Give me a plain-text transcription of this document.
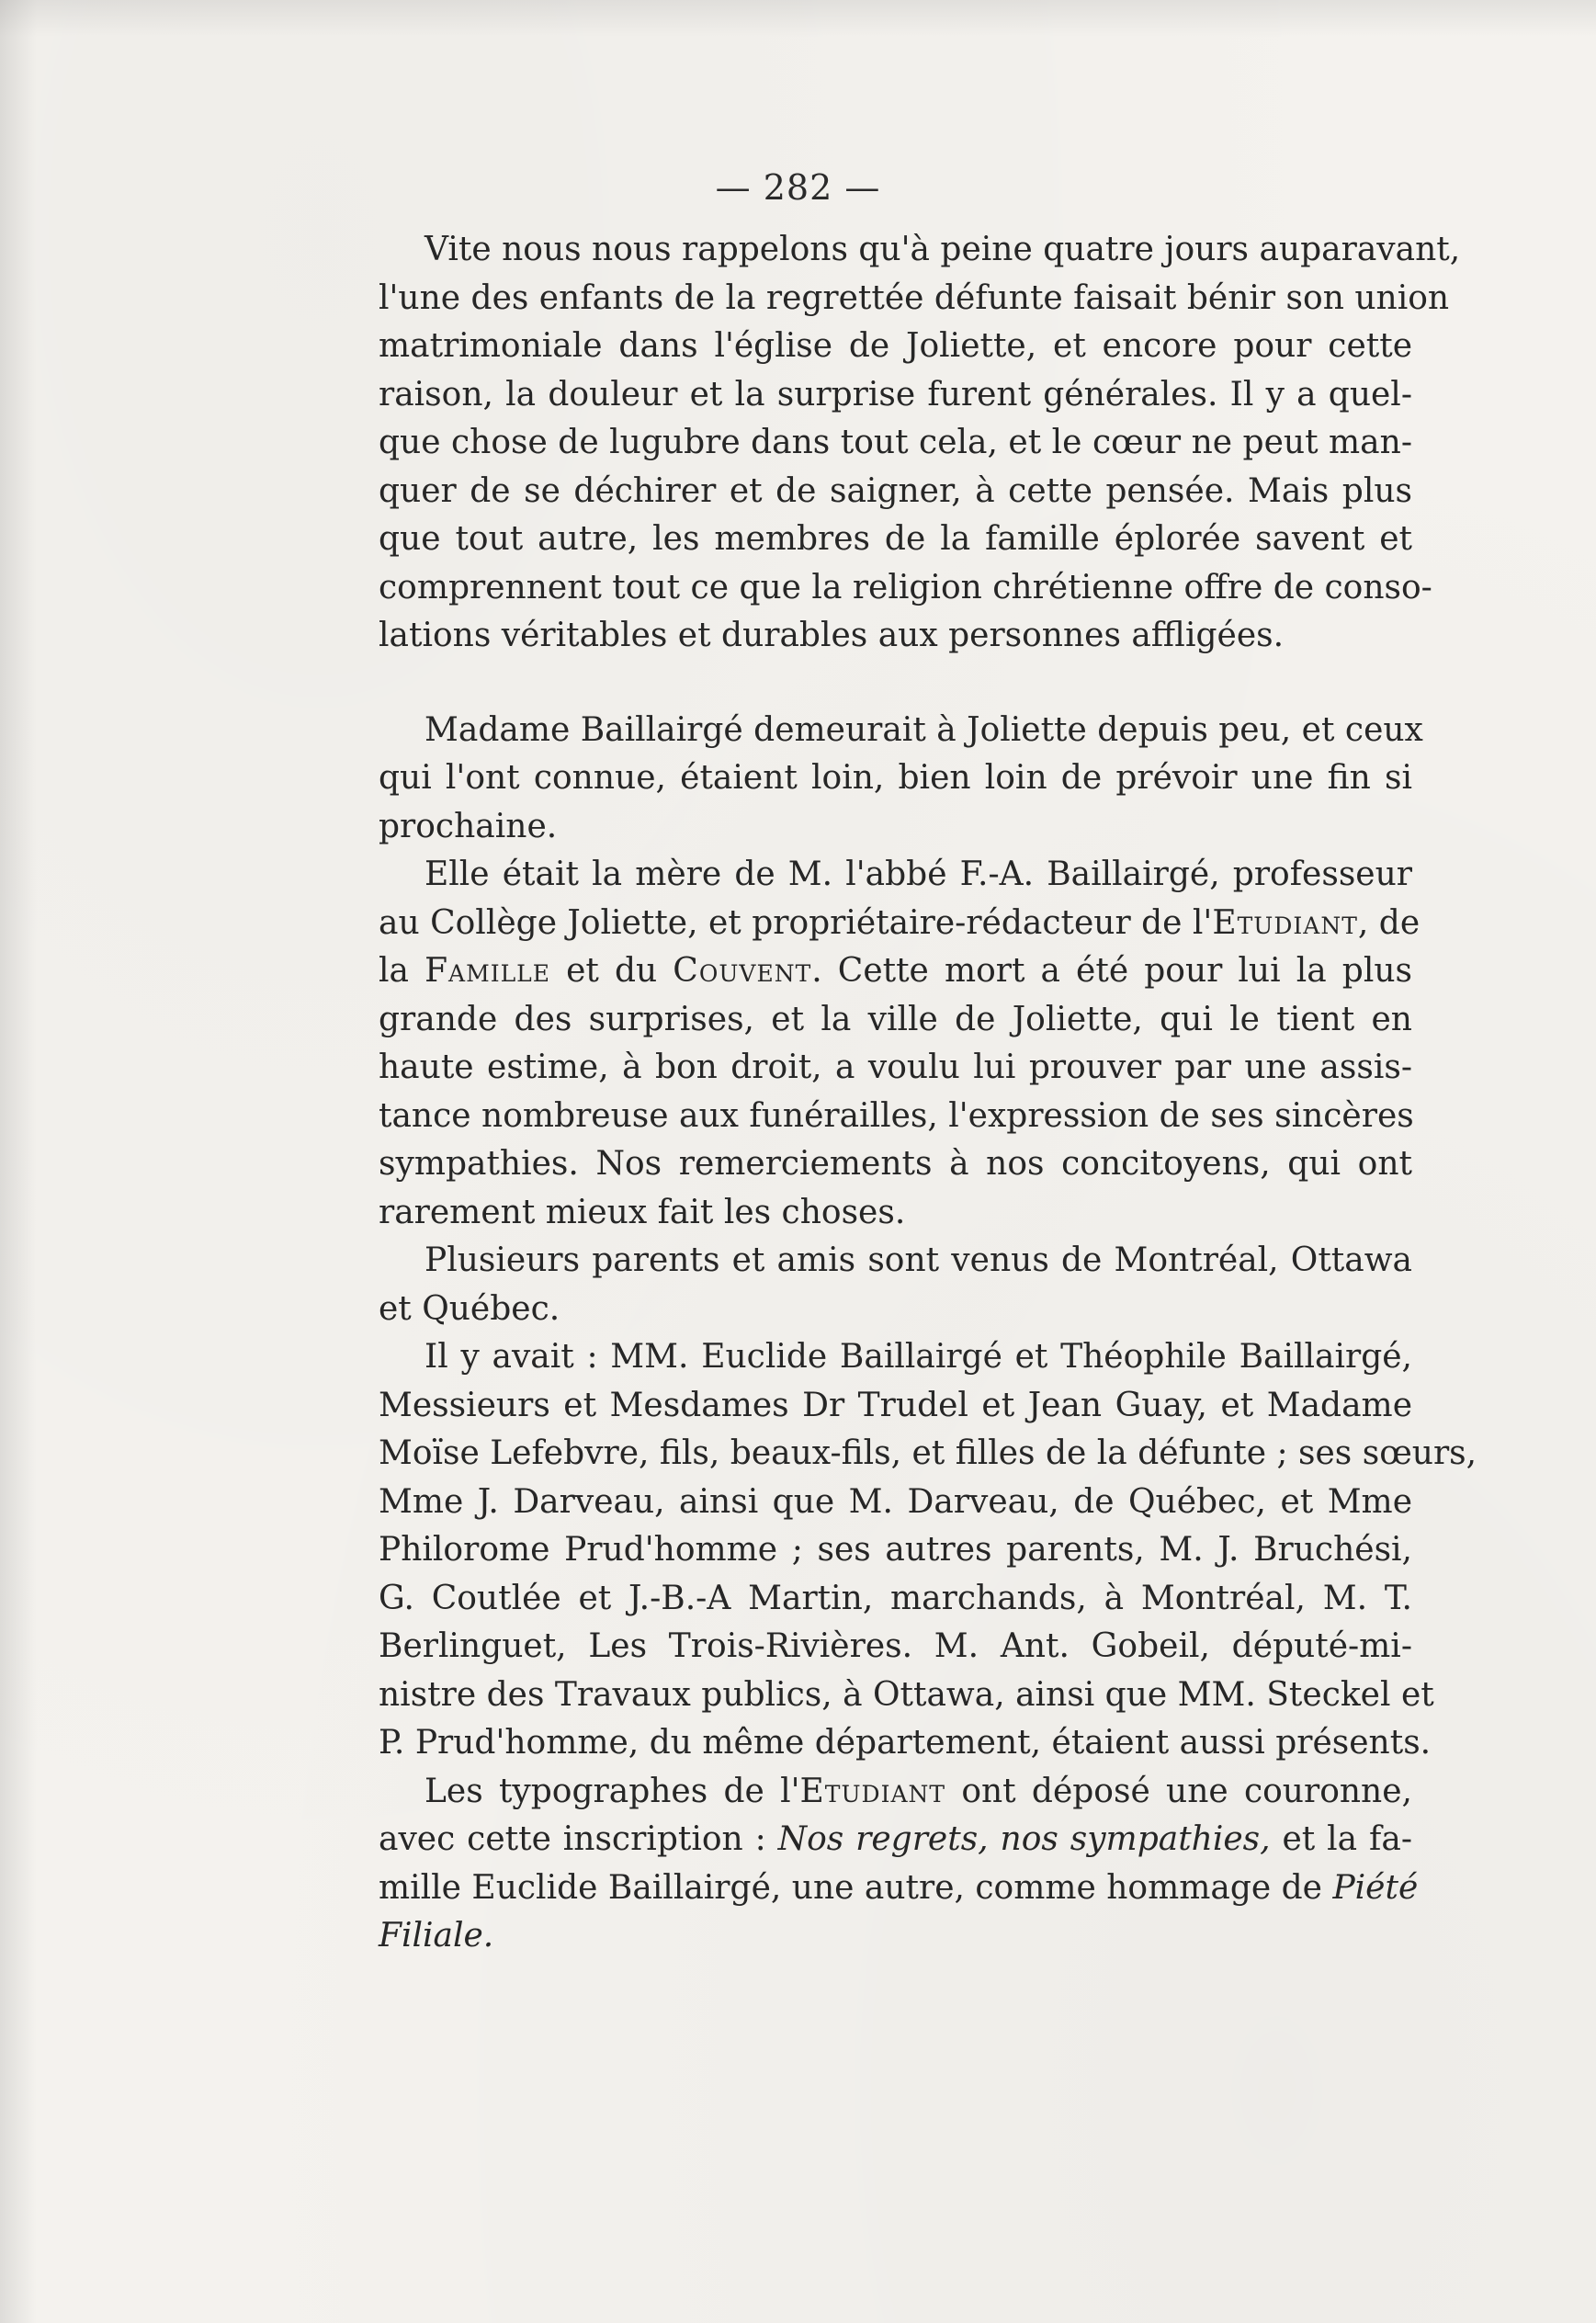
— 282 —
Vite nous nous rappelons qu'à peine quatre jours auparavant,
l'une des enfants de la regrettée défunte faisait bénir son union
matrimoniale dans l'église de Joliette, et encore pour cette
raison, la douleur et la surprise furent générales. Il y a quel-
que chose de lugubre dans tout cela, et le cœur ne peut man-
quer de se déchirer et de saigner, à cette pensée. Mais plus
que tout autre, les membres de la famille éplorée savent et
comprennent tout ce que la religion chrétienne offre de conso-
lations véritables et durables aux personnes affligées.
Madame Baillairgé demeurait à Joliette depuis peu, et ceux
qui l'ont connue, étaient loin, bien loin de prévoir une fin si
prochaine.
Elle était la mère de M. l'abbé F.-A. Baillairgé, professeur
au Collège Joliette, et propriétaire-rédacteur de l'Etudiant, de
la Famille et du Couvent. Cette mort a été pour lui la plus
grande des surprises, et la ville de Joliette, qui le tient en
haute estime, à bon droit, a voulu lui prouver par une assis-
tance nombreuse aux funérailles, l'expression de ses sincères
sympathies. Nos remerciements à nos concitoyens, qui ont
rarement mieux fait les choses.
Plusieurs parents et amis sont venus de Montréal, Ottawa
et Québec.
Il y avait : MM. Euclide Baillairgé et Théophile Baillairgé,
Messieurs et Mesdames Dr Trudel et Jean Guay, et Madame
Moïse Lefebvre, fils, beaux-fils, et filles de la défunte ; ses sœurs,
Mme J. Darveau, ainsi que M. Darveau, de Québec, et Mme
Philorome Prud'homme ; ses autres parents, M. J. Bruchési,
G. Coutlée et J.-B.-A Martin, marchands, à Montréal, M. T.
Berlinguet, Les Trois-Rivières. M. Ant. Gobeil, député-mi-
nistre des Travaux publics, à Ottawa, ainsi que MM. Steckel et
P. Prud'homme, du même département, étaient aussi présents.
Les typographes de l'Etudiant ont déposé une couronne,
avec cette inscription : Nos regrets, nos sympathies, et la fa-
mille Euclide Baillairgé, une autre, comme hommage de Piété
Filiale.
